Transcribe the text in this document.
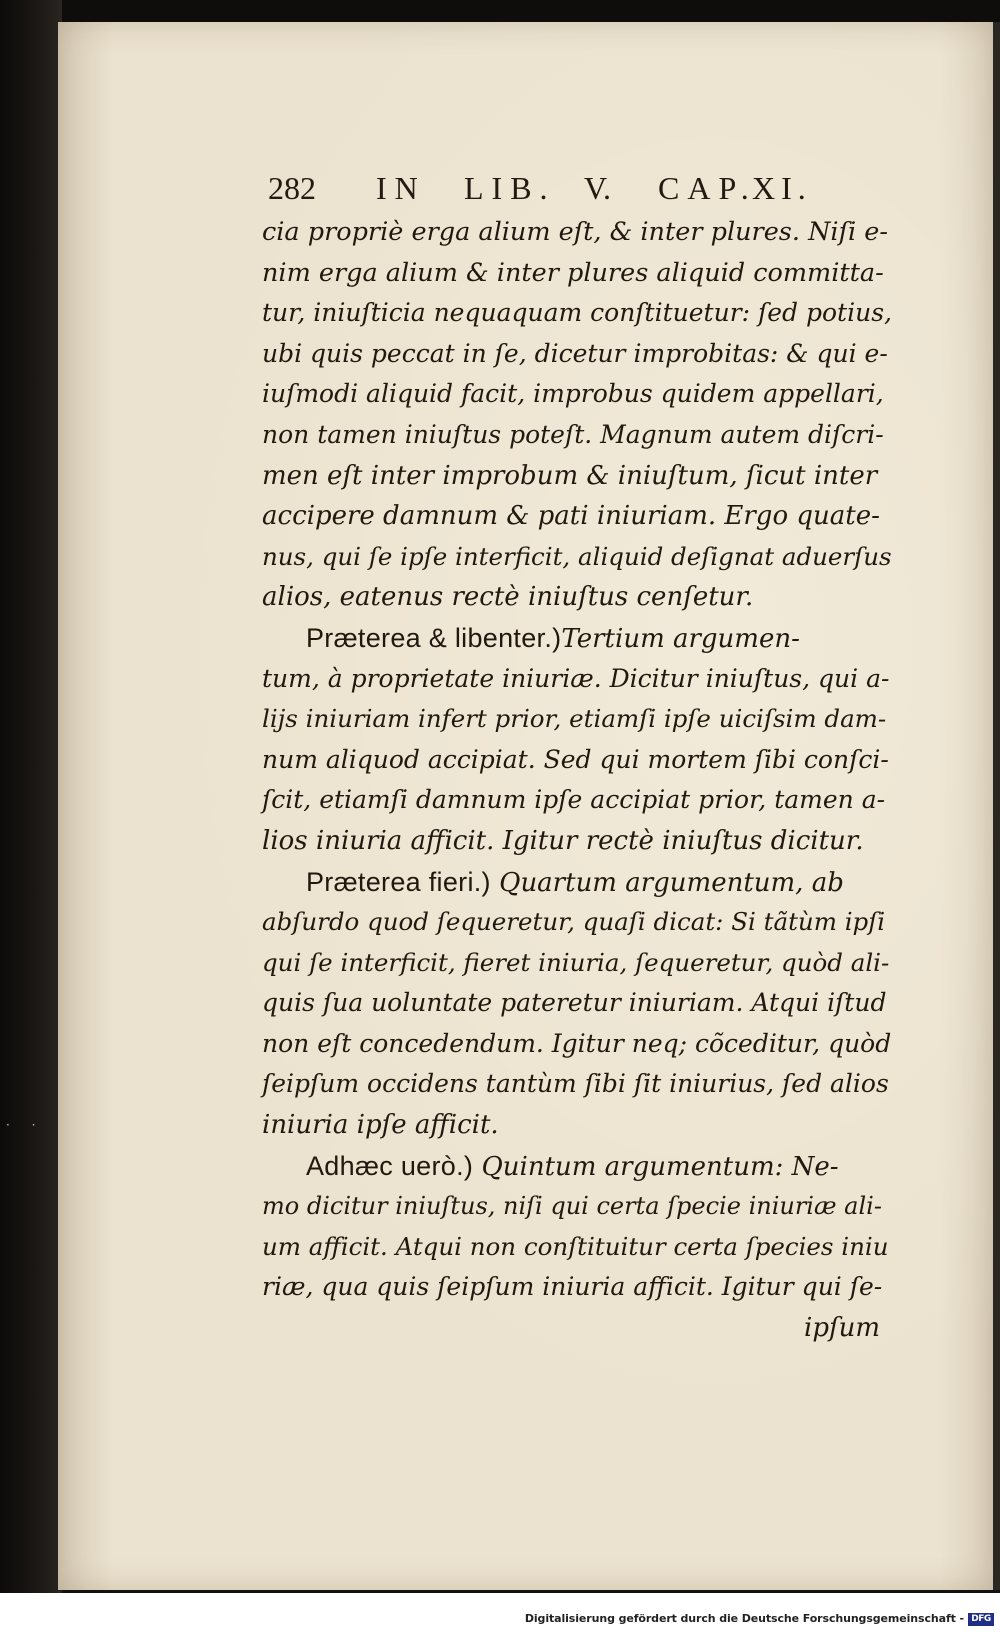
· · ·
282 IN LIB. V. CAP.
XI.
cia propriè erga alium eſt, & inter plures. Niſi e-
nim erga alium & inter plures aliquid committa-
tur, iniuſticia nequaquam conſtituetur: ſed potius,
ubi quis peccat in ſe, dicetur improbitas: & qui e-
iuſmodi aliquid facit, improbus quidem appellari,
non tamen iniuſtus poteſt. Magnum autem diſcri-
men eſt inter improbum & iniuſtum, ſicut inter
accipere damnum & pati iniuriam. Ergo quate-
nus, qui ſe ipſe interficit, aliquid deſignat aduerſus
alios, eatenus rectè iniuſtus cenſetur.
Præterea & libenter.)Tertium argumen-
tum, à proprietate iniuriæ. Dicitur iniuſtus, qui a-
lijs iniuriam infert prior, etiamſi ipſe uiciſsim dam-
num aliquod accipiat. Sed qui mortem ſibi conſci-
ſcit, etiamſi damnum ipſe accipiat prior, tamen a-
lios iniuria afficit. Igitur rectè iniuſtus dicitur.
Præterea fieri.) Quartum argumentum, ab
abſurdo quod ſequeretur, quaſi dicat: Si tãtùm ipſi
qui ſe interficit, fieret iniuria, ſequeretur, quòd ali-
quis ſua uoluntate pateretur iniuriam. Atqui iſtud
non eſt concedendum. Igitur neq; cõceditur, quòd
ſeipſum occidens tantùm ſibi ſit iniurius, ſed alios
iniuria ipſe afficit.
Adhæc uerò.) Quintum argumentum: Ne-
mo dicitur iniuſtus, niſi qui certa ſpecie iniuriæ ali-
um afficit. Atqui non conſtituitur certa ſpecies iniu
riæ, qua quis ſeipſum iniuria afficit. Igitur qui ſe-
ipſum
Digitalisierung gefördert durch die Deutsche Forschungsgemeinschaft - DFG
